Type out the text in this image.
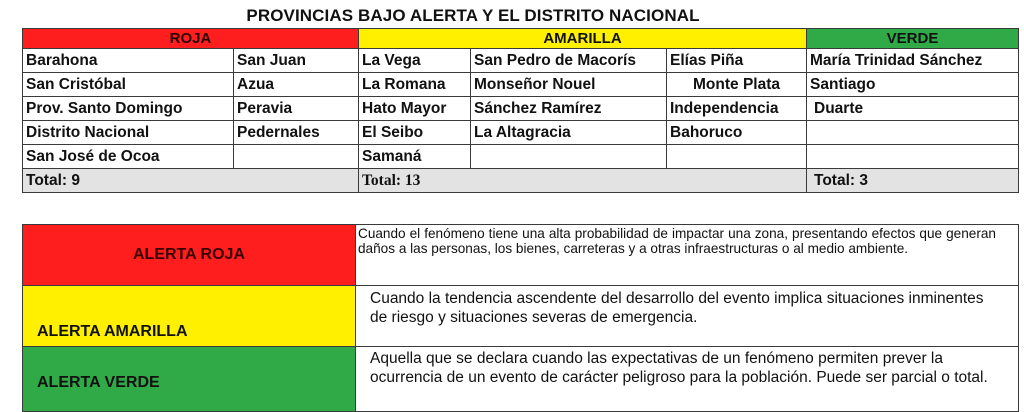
PROVINCIAS BAJO ALERTA Y EL DISTRITO NACIONAL
ROJA		AMARILLA			VERDE
Barahona	San Juan	La Vega	San Pedro de Macorís	Elías Piña	María Trinidad Sánchez
San Cristóbal	Azua	La Romana	Monseñor Nouel	Monte Plata	Santiago
Prov. Santo Domingo	Peravia	Hato Mayor	Sánchez Ramírez	Independencia	Duarte
Distrito Nacional	Pedernales	El Seibo	La Altagracia	Bahoruco	
San José de Ocoa		Samaná			
Total: 9		Total: 13			Total: 3
ALERTA ROJA	Cuando el fenómeno tiene una alta probabilidad de impactar una zona, presentando efectos que generan daños a las personas, los bienes, carreteras y a otras infraestructuras o al medio ambiente.
ALERTA AMARILLA	Cuando la tendencia ascendente del desarrollo del evento implica situaciones inminentes de riesgo y situaciones severas de emergencia.
ALERTA VERDE	Aquella que se declara cuando las expectativas de un fenómeno permiten prever la ocurrencia de un evento de carácter peligroso para la población. Puede ser parcial o total.
